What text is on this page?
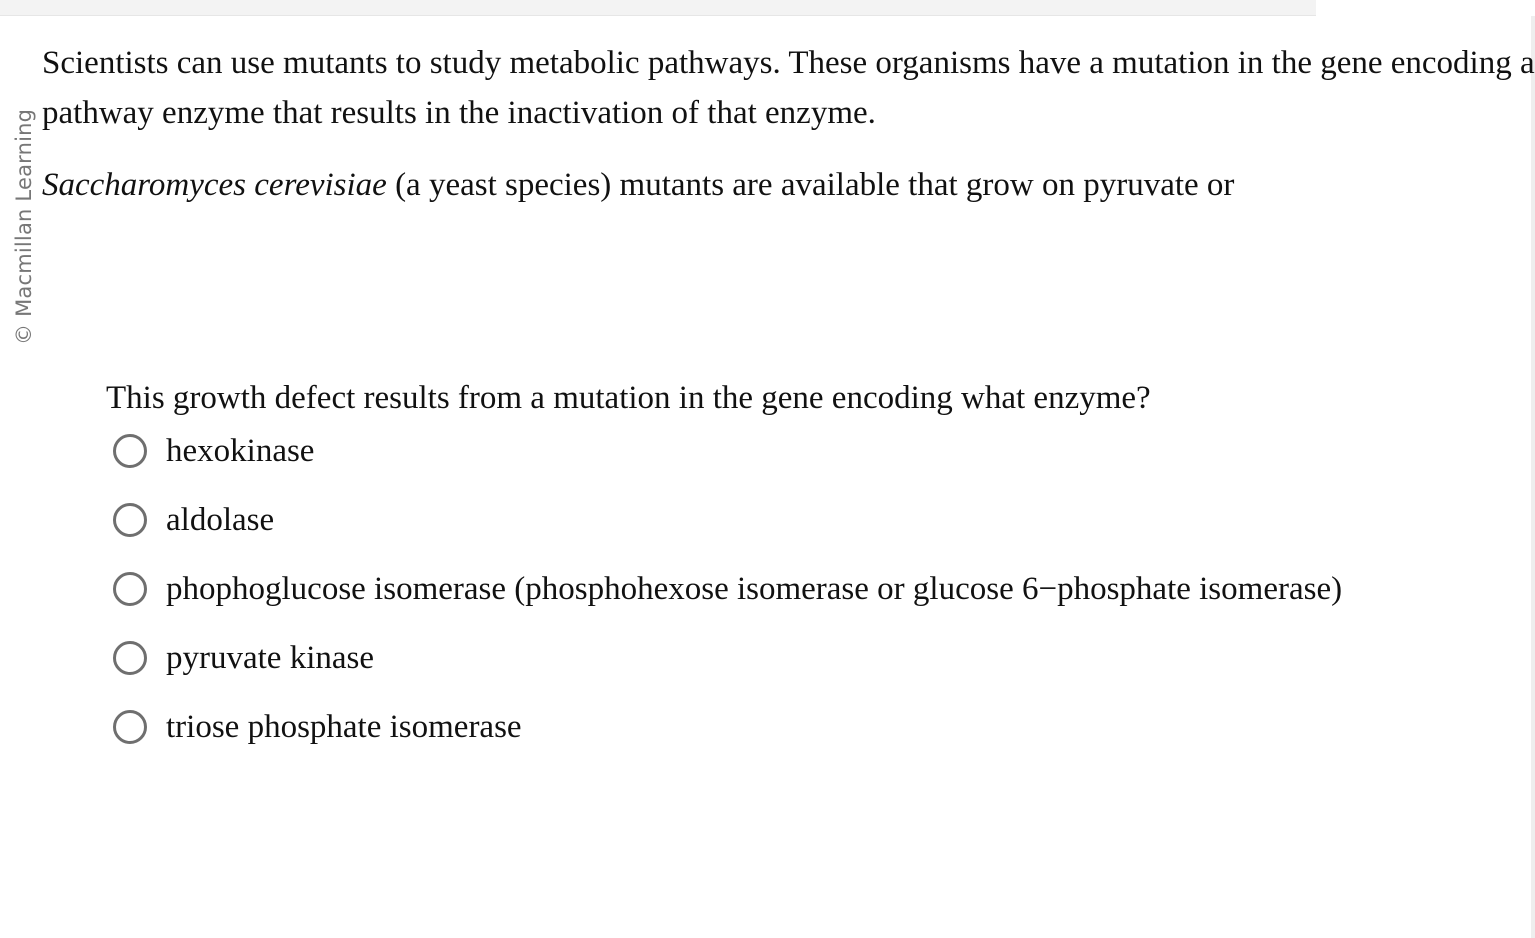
© Macmillan Learning

Scientists can use mutants to study metabolic pathways. These organisms have a mutation in the gene encoding a
pathway enzyme that results in the inactivation of that enzyme.

Saccharomyces cerevisiae (a yeast species) mutants are available that grow on pyruvate or

This growth defect results from a mutation in the gene encoding what enzyme?

hexokinase
aldolase
phophoglucose isomerase (phosphohexose isomerase or glucose 6−phosphate isomerase)
pyruvate kinase
triose phosphate isomerase
